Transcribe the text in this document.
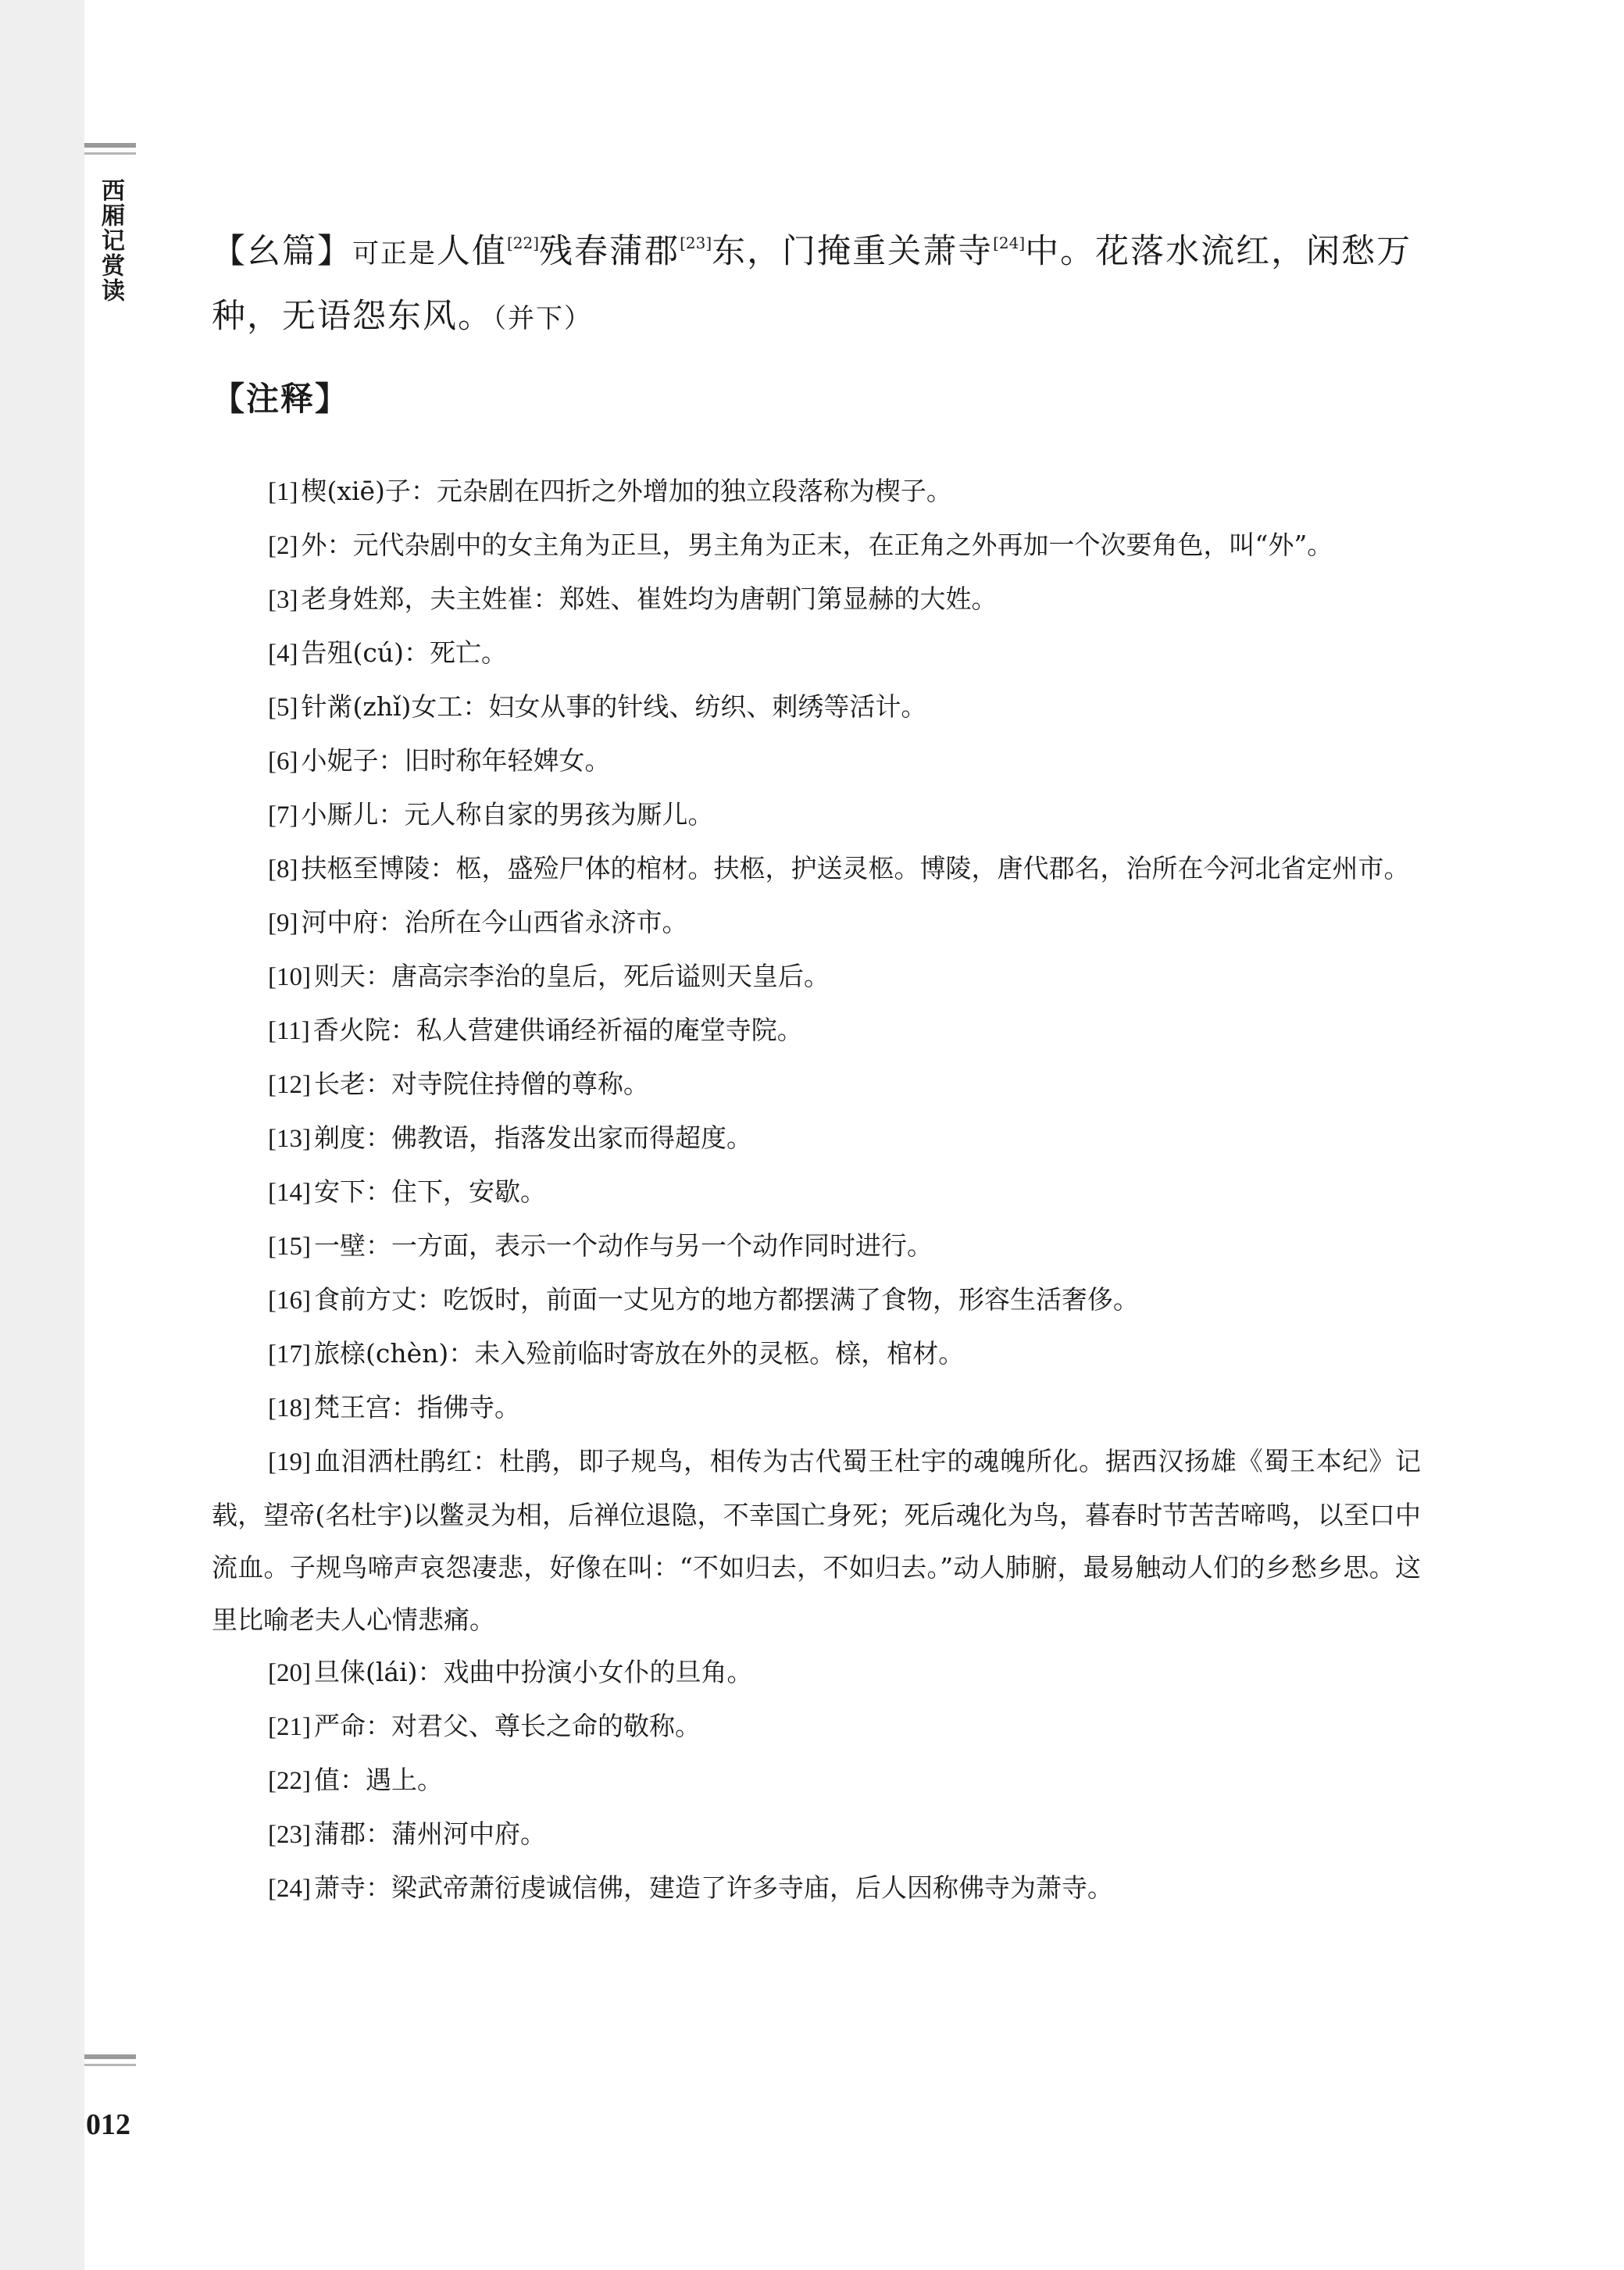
西厢记赏读	【幺篇】可正是人值[22]残春蒲郡[23]东，门掩重关萧寺[24]中。花落水流红，闲愁万种，无语怨东风。（并下）
【注释】
[1] 楔(xiē)子：元杂剧在四折之外增加的独立段落称为楔子。
[2] 外：元代杂剧中的女主角为正旦，男主角为正末，在正角之外再加一个次要角色，叫“外”。
[3] 老身姓郑，夫主姓崔：郑姓、崔姓均为唐朝门第显赫的大姓。
[4] 告殂(cú)：死亡。
[5] 针黹(zhǐ)女工：妇女从事的针线、纺织、刺绣等活计。
[6] 小妮子：旧时称年轻婢女。
[7] 小厮儿：元人称自家的男孩为厮儿。
[8] 扶柩至博陵：柩，盛殓尸体的棺材。扶柩，护送灵柩。博陵，唐代郡名，治所在今河北省定州市。
[9] 河中府：治所在今山西省永济市。
[10] 则天：唐高宗李治的皇后，死后谥则天皇后。
[11] 香火院：私人营建供诵经祈福的庵堂寺院。
[12] 长老：对寺院住持僧的尊称。
[13] 剃度：佛教语，指落发出家而得超度。
[14] 安下：住下，安歇。
[15] 一壁：一方面，表示一个动作与另一个动作同时进行。
[16] 食前方丈：吃饭时，前面一丈见方的地方都摆满了食物，形容生活奢侈。
[17] 旅榇(chèn)：未入殓前临时寄放在外的灵柩。榇，棺材。
[18] 梵王宫：指佛寺。
[19] 血泪洒杜鹃红：杜鹃，即子规鸟，相传为古代蜀王杜宇的魂魄所化。据西汉扬雄《蜀王本纪》记载，望帝(名杜宇)以鳖灵为相，后禅位退隐，不幸国亡身死；死后魂化为鸟，暮春时节苦苦啼鸣，以至口中流血。子规鸟啼声哀怨凄悲，好像在叫：“不如归去，不如归去。”动人肺腑，最易触动人们的乡愁乡思。这里比喻老夫人心情悲痛。
[20] 旦俫(lái)：戏曲中扮演小女仆的旦角。
[21] 严命：对君父、尊长之命的敬称。
[22] 值：遇上。
[23] 蒲郡：蒲州河中府。
[24] 萧寺：梁武帝萧衍虔诚信佛，建造了许多寺庙，后人因称佛寺为萧寺。
012
